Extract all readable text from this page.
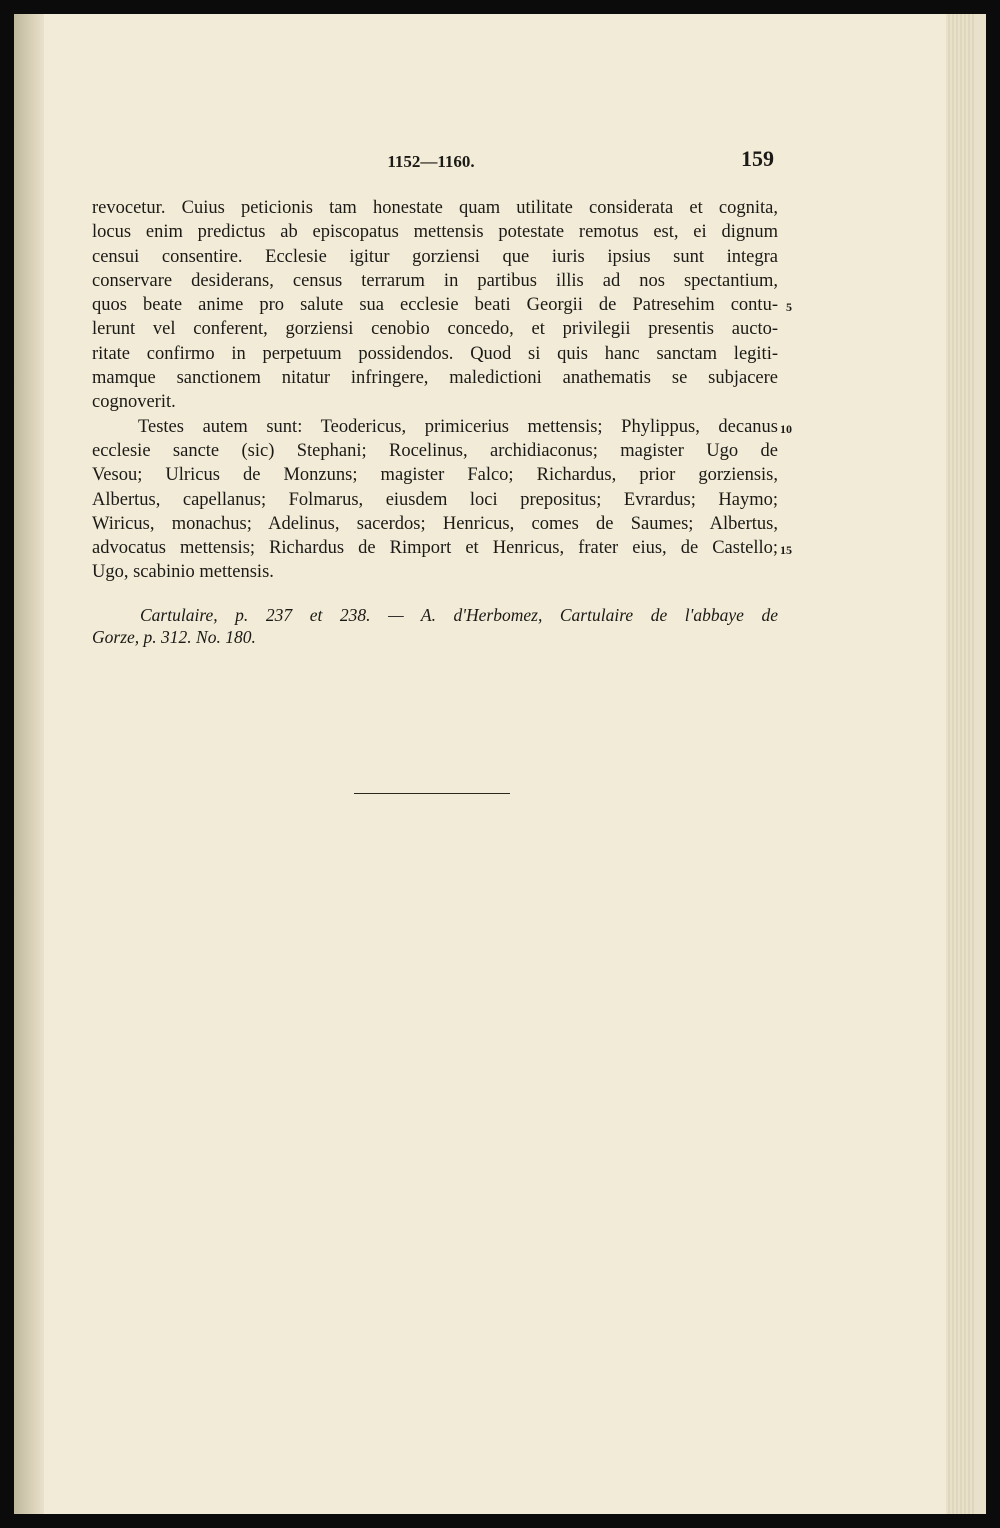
1152—1160.	159
revocetur. Cuius peticionis tam honestate quam utilitate considerata et cognita,
locus enim predictus ab episcopatus mettensis potestate remotus est, ei dignum
censui consentire. Ecclesie igitur gorziensi que iuris ipsius sunt integra
conservare desiderans, census terrarum in partibus illis ad nos spectantium,
quos beate anime pro salute sua ecclesie beati Georgii de Patresehim contu- 5
lerunt vel conferent, gorziensi cenobio concedo, et privilegii presentis aucto-
ritate confirmo in perpetuum possidendos. Quod si quis hanc sanctam legiti-
mamque sanctionem nitatur infringere, maledictioni anathematis se subjacere
cognoverit.
Testes autem sunt: Teodericus, primicerius mettensis; Phylippus, decanus 10
ecclesie sancte (sic) Stephani; Rocelinus, archidiaconus; magister Ugo de
Vesou; Ulricus de Monzuns; magister Falco; Richardus, prior gorziensis,
Albertus, capellanus; Folmarus, eiusdem loci prepositus; Evrardus; Haymo;
Wiricus, monachus; Adelinus, sacerdos; Henricus, comes de Saumes; Albertus,
advocatus mettensis; Richardus de Rimport et Henricus, frater eius, de Castello; 15
Ugo, scabinio mettensis.
Cartulaire, p. 237 et 238. — A. d'Herbomez, Cartulaire de l'abbaye de
Gorze, p. 312. No. 180.
